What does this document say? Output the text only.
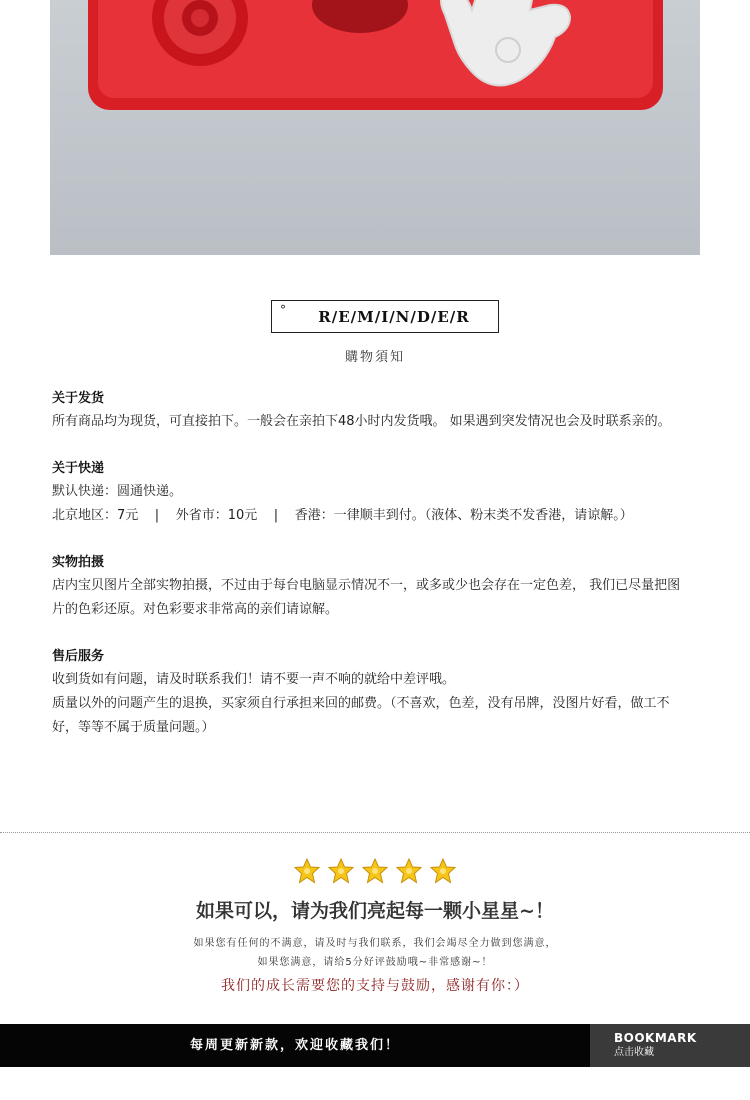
°	R/E/M/I/N/D/E/R
購物須知
关于发货
所有商品均为现货，可直接拍下。一般会在亲拍下48小时内发货哦。 如果遇到突发情况也会及时联系亲的。
关于快递
默认快递：圆通快递。
北京地区：7元    |    外省市：10元    |    香港：一律顺丰到付。（液体、粉末类不发香港，请谅解。）
实物拍摄
店内宝贝图片全部实物拍摄，不过由于每台电脑显示情况不一，或多或少也会存在一定色差， 我们已尽量把图
片的色彩还原。对色彩要求非常高的亲们请谅解。
售后服务
收到货如有问题，请及时联系我们！请不要一声不响的就给中差评哦。
质量以外的问题产生的退换，买家须自行承担来回的邮费。（不喜欢，色差，没有吊牌，没图片好看，做工不
好，等等不属于质量问题。）
如果可以，请为我们亮起每一颗小星星~！
如果您有任何的不满意，请及时与我们联系，我们会竭尽全力做到您满意，
如果您满意，请给5分好评鼓励哦~非常感谢~！
我们的成长需要您的支持与鼓励，感谢有你：）
每周更新新款，欢迎收藏我们！	BOOKMARK
点击收藏
